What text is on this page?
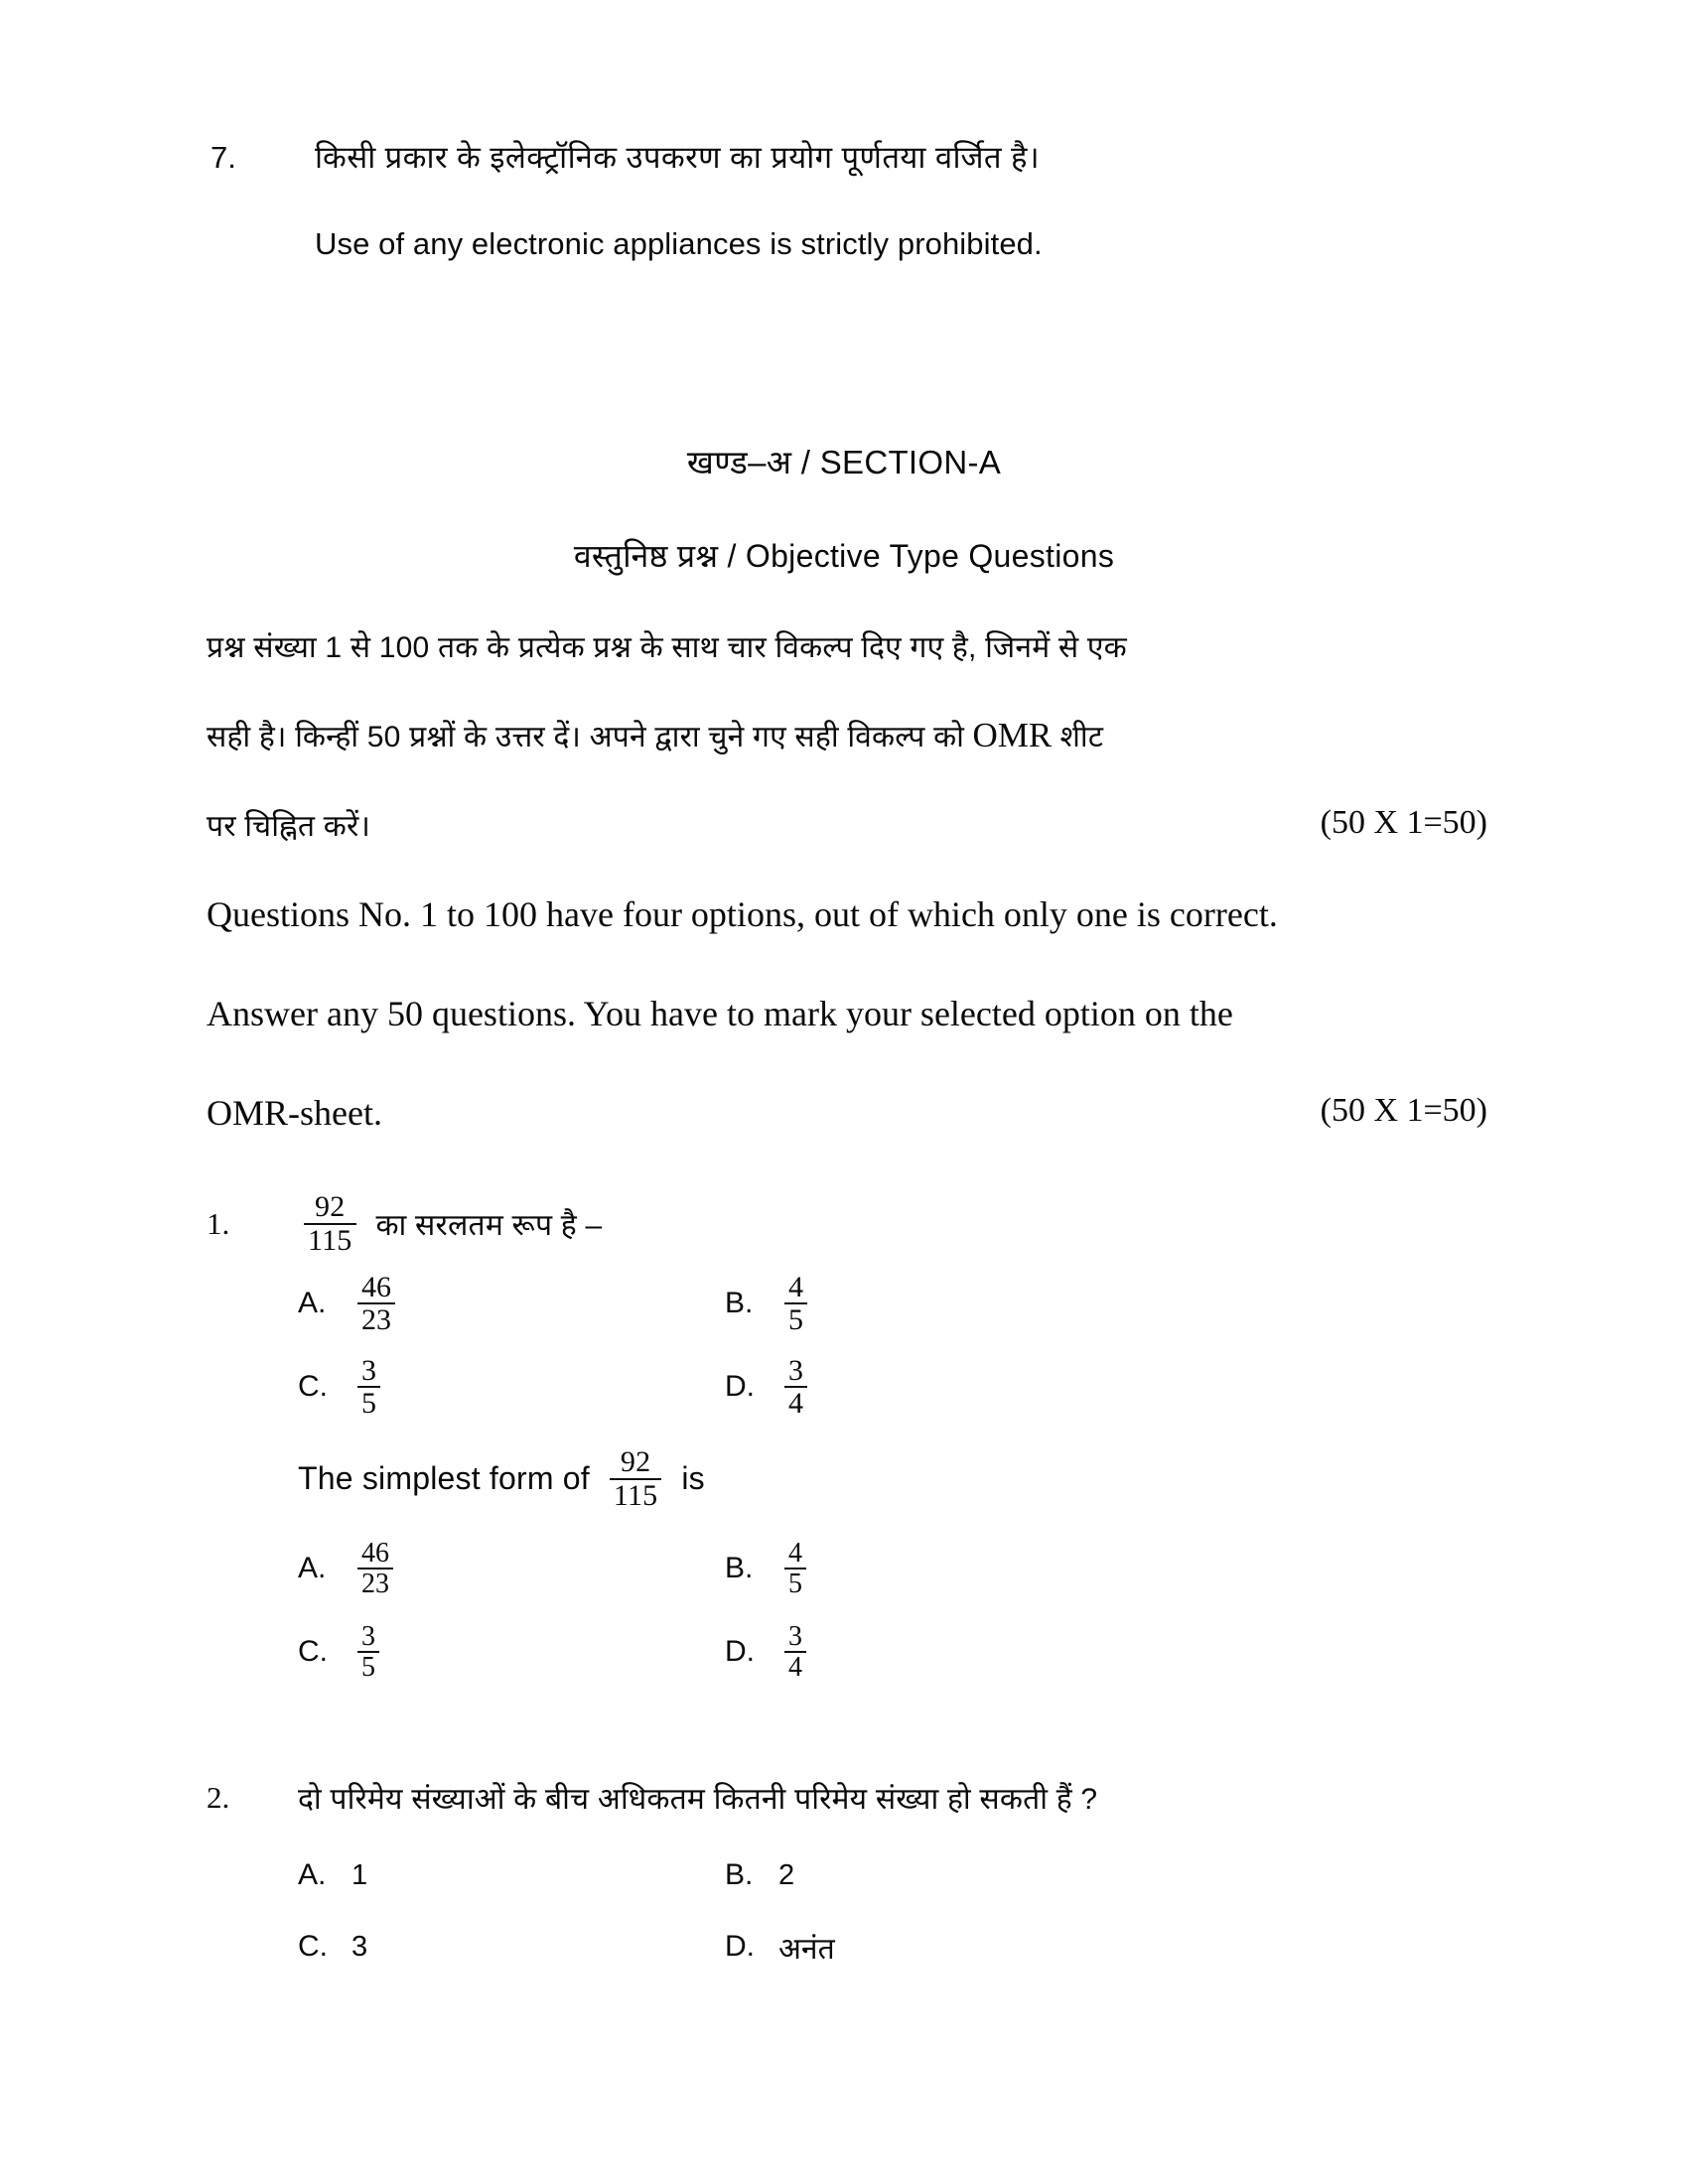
7.	किसी प्रकार के इलेक्ट्रॉनिक उपकरण का प्रयोग पूर्णतया वर्जित है।
Use of any electronic appliances is strictly prohibited.
खण्ड–अ / SECTION-A
वस्तुनिष्ठ प्रश्न / Objective Type Questions
प्रश्न संख्या 1 से 100 तक के प्रत्येक प्रश्न के साथ चार विकल्प दिए गए है, जिनमें से एक
सही है। किन्हीं 50 प्रश्नों के उत्तर दें। अपने द्वारा चुने गए सही विकल्प को OMR शीट
पर चिह्नित करें।	(50 X 1=50)
Questions No. 1 to 100 have four options, out of which only one is correct.
Answer any 50 questions. You have to mark your selected option on the
OMR-sheet.	(50 X 1=50)
1.	$\frac{92}{115}$ का सरलतम रूप है –
A.	$\frac{46}{23}$	B.	$\frac{4}{5}$
C. $\frac{3}{5}$	D. $\frac{3}{4}$
The simplest form of $\frac{92}{115}$ is
A.	$\frac{46}{23}$	B.	$\frac{4}{5}$
C. $\frac{3}{5}$	D. $\frac{3}{4}$
2.	दो परिमेय संख्याओं के बीच अधिकतम कितनी परिमेय संख्या हो सकती हैं ?
A. 1	B. 2
C. 3	D. अनंत
